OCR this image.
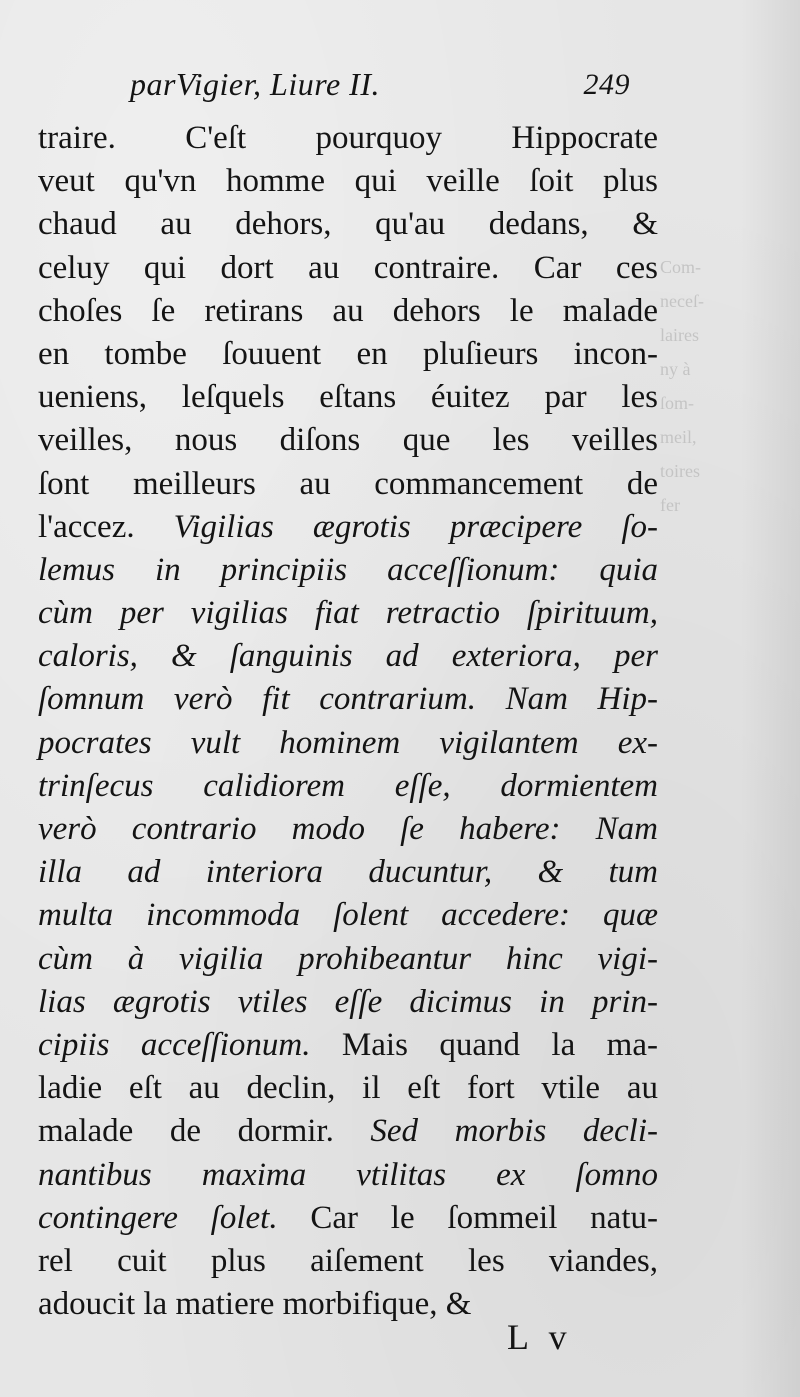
Com-
neceſ-
laires
ny à
ſom-
meil,
toires
fer
parVigier, Liure II.	249
traire. C'eſt pourquoy Hippocrate
veut qu'vn homme qui veille ſoit plus
chaud au dehors, qu'au dedans, &
celuy qui dort au contraire. Car ces
choſes ſe retirans au dehors le malade
en tombe ſouuent en pluſieurs incon-
ueniens, leſquels eſtans éuitez par les
veilles, nous diſons que les veilles
ſont meilleurs au commancement de
l'accez. Vigilias ægrotis præcipere ſo-
lemus in principiis acceſſionum: quia
cùm per vigilias fiat retractio ſpirituum,
caloris, & ſanguinis ad exteriora, per
ſomnum verò fit contrarium. Nam Hip-
pocrates vult hominem vigilantem ex-
trinſecus calidiorem eſſe, dormientem
verò contrario modo ſe habere: Nam
illa ad interiora ducuntur, & tum
multa incommoda ſolent accedere: quæ
cùm à vigilia prohibeantur hinc vigi-
lias ægrotis vtiles eſſe dicimus in prin-
cipiis acceſſionum. Mais quand la ma-
ladie eſt au declin, il eſt fort vtile au
malade de dormir. Sed morbis decli-
nantibus maxima vtilitas ex ſomno
contingere ſolet. Car le ſommeil natu-
rel cuit plus aiſement les viandes,
adoucit la matiere morbifique, &
L v
